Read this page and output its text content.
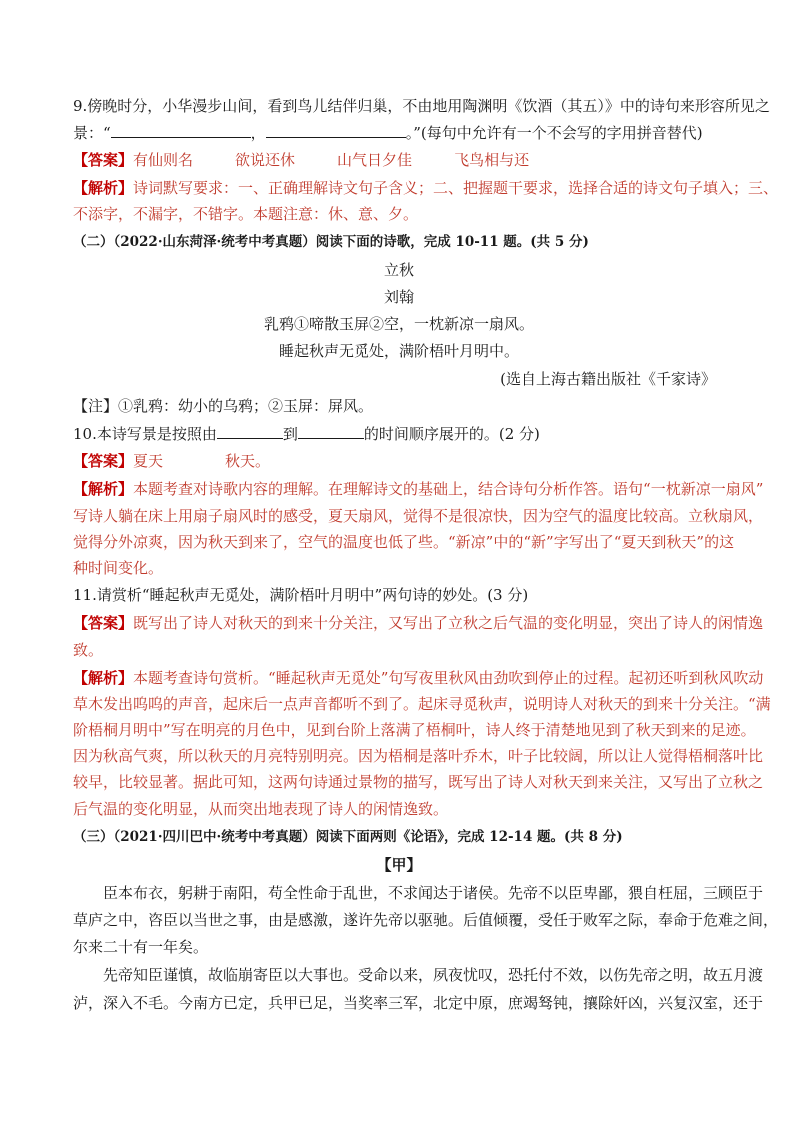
9.傍晚时分，小华漫步山间，看到鸟儿结伴归巢，不由地用陶渊明《饮酒（其五）》中的诗句来形容所见之
景：“	，	。”(每句中允许有一个不会写的字用拼音替代)
【答案】有仙则名	欲说还休	山气日夕佳	飞鸟相与还
【解析】诗词默写要求：一、正确理解诗文句子含义；二、把握题干要求，选择合适的诗文句子填入；三、
不添字，不漏字，不错字。本题注意：休、意、夕。
（二）（2022·山东菏泽·统考中考真题）阅读下面的诗歌，完成 10-11 题。(共 5 分)
立秋
刘翰
乳鸦①啼散玉屏②空，一枕新凉一扇风。
睡起秋声无觅处，满阶梧叶月明中。
(选自上海古籍出版社《千家诗》
【注】①乳鸦：幼小的乌鸦；②玉屏：屏风。
10.本诗写景是按照由	到	的时间顺序展开的。(2 分)
【答案】夏天	秋天。
【解析】本题考查对诗歌内容的理解。在理解诗文的基础上，结合诗句分析作答。语句“一枕新凉一扇风”
写诗人躺在床上用扇子扇风时的感受，夏天扇风，觉得不是很凉快，因为空气的温度比较高。立秋扇风，
觉得分外凉爽，因为秋天到来了，空气的温度也低了些。“新凉”中的“新”字写出了“夏天到秋天”的这
种时间变化。
11.请赏析“睡起秋声无觅处，满阶梧叶月明中”两句诗的妙处。(3 分)
【答案】既写出了诗人对秋天的到来十分关注，又写出了立秋之后气温的变化明显，突出了诗人的闲情逸
致。
【解析】本题考查诗句赏析。“睡起秋声无觅处”句写夜里秋风由劲吹到停止的过程。起初还听到秋风吹动
草木发出呜呜的声音，起床后一点声音都听不到了。起床寻觅秋声，说明诗人对秋天的到来十分关注。“满
阶梧桐月明中”写在明亮的月色中，见到台阶上落满了梧桐叶，诗人终于清楚地见到了秋天到来的足迹。
因为秋高气爽，所以秋天的月亮特别明亮。因为梧桐是落叶乔木，叶子比较阔，所以让人觉得梧桐落叶比
较早，比较显著。据此可知，这两句诗通过景物的描写，既写出了诗人对秋天到来关注，又写出了立秋之
后气温的变化明显，从而突出地表现了诗人的闲情逸致。
（三）（2021·四川巴中·统考中考真题）阅读下面两则《论语》，完成 12-14 题。(共 8 分)
【甲】
臣本布衣，躬耕于南阳，苟全性命于乱世，不求闻达于诸侯。先帝不以臣卑鄙，猥自枉屈，三顾臣于
草庐之中，咨臣以当世之事，由是感激，遂许先帝以驱驰。后值倾覆，受任于败军之际，奉命于危难之间，
尔来二十有一年矣。
先帝知臣谨慎，故临崩寄臣以大事也。受命以来，夙夜忧叹，恐托付不效，以伤先帝之明，故五月渡
泸，深入不毛。今南方已定，兵甲已足，当奖率三军，北定中原，庶竭驽钝，攘除奸凶，兴复汉室，还于
